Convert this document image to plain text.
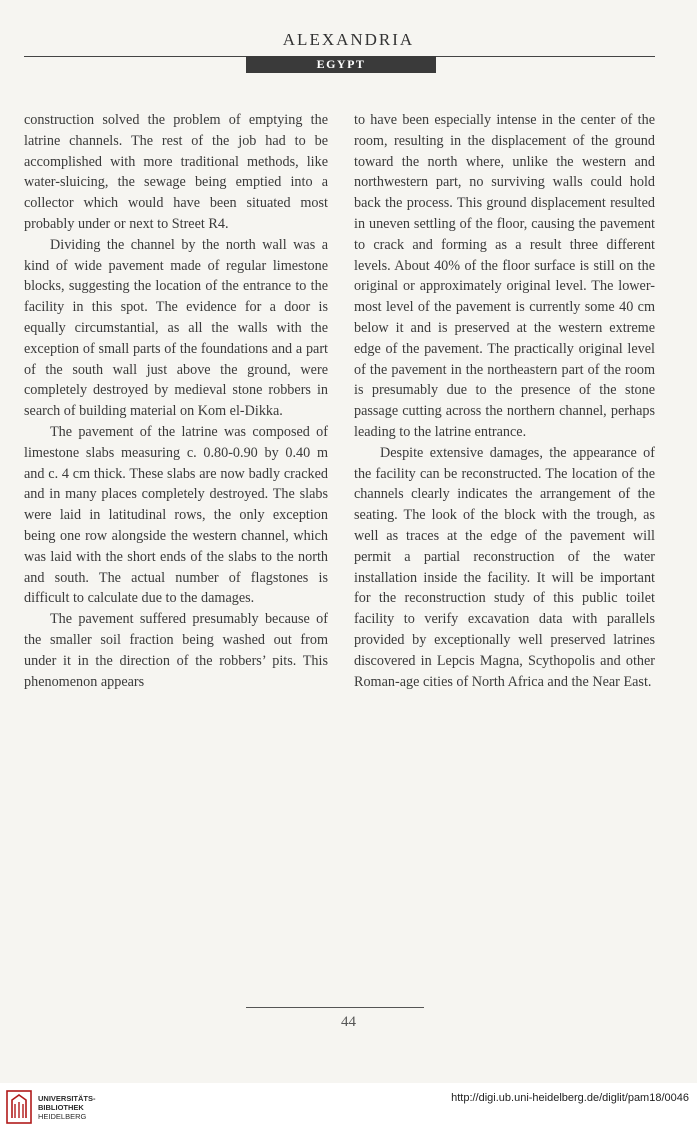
ALEXANDRIA
EGYPT

construction solved the problem of emptying the latrine channels. The rest of the job had to be accomplished with more traditional methods, like water-sluicing, the sewage being emptied into a collector which would have been situated most probably under or next to Street R4.

Dividing the channel by the north wall was a kind of wide pavement made of regular limestone blocks, suggesting the location of the entrance to the facility in this spot. The evidence for a door is equally circumstantial, as all the walls with the exception of small parts of the foundations and a part of the south wall just above the ground, were completely destroyed by medieval stone robbers in search of building material on Kom el-Dikka.

The pavement of the latrine was composed of limestone slabs measuring c. 0.80-0.90 by 0.40 m and c. 4 cm thick. These slabs are now badly cracked and in many places completely destroyed. The slabs were laid in latitudinal rows, the only exception being one row alongside the western channel, which was laid with the short ends of the slabs to the north and south. The actual number of flagstones is difficult to calculate due to the damages.

The pavement suffered presumably because of the smaller soil fraction being washed out from under it in the direction of the robbers’ pits. This phenomenon appears

to have been especially intense in the center of the room, resulting in the displacement of the ground toward the north where, unlike the western and northwestern part, no surviving walls could hold back the process. This ground displacement resulted in uneven settling of the floor, causing the pavement to crack and forming as a result three different levels. About 40% of the floor surface is still on the original or approximately original level. The lower-most level of the pavement is currently some 40 cm below it and is preserved at the western extreme edge of the pavement. The practically original level of the pavement in the northeastern part of the room is presumably due to the presence of the stone passage cutting across the northern channel, perhaps leading to the latrine entrance.

Despite extensive damages, the appearance of the facility can be reconstructed. The location of the channels clearly indicates the arrangement of the seating. The look of the block with the trough, as well as traces at the edge of the pavement will permit a partial reconstruction of the water installation inside the facility. It will be important for the reconstruction study of this public toilet facility to verify excavation data with parallels provided by exceptionally well preserved latrines discovered in Lepcis Magna, Scythopolis and other Roman-age cities of North Africa and the Near East.

44
UNIVERSITÄTS-
BIBLIOTHEK
HEIDELBERG
http://digi.ub.uni-heidelberg.de/diglit/pam18/0046
